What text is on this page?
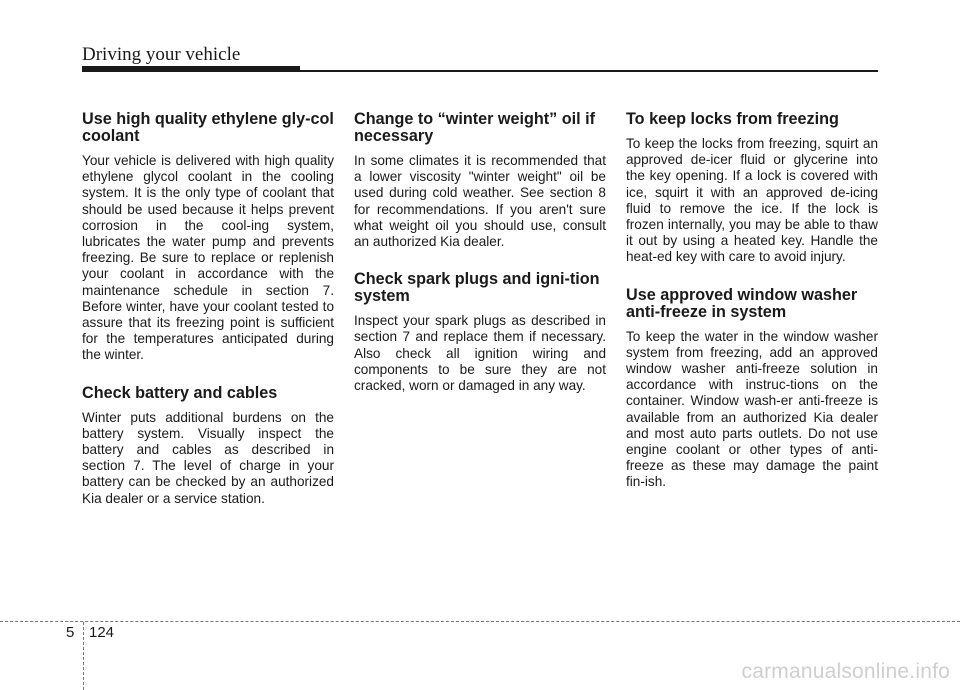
Driving your vehicle
Use high quality ethylene gly-col coolant

Your vehicle is delivered with high quality ethylene glycol coolant in the cooling system. It is the only type of coolant that should be used because it helps prevent corrosion in the cool-ing system, lubricates the water pump and prevents freezing. Be sure to replace or replenish your coolant in accordance with the maintenance schedule in section 7. Before winter, have your coolant tested to assure that its freezing point is sufficient for the temperatures anticipated during the winter.

Check battery and cables

Winter puts additional burdens on the battery system. Visually inspect the battery and cables as described in section 7. The level of charge in your battery can be checked by an authorized Kia dealer or a service station.

Change to “winter weight” oil if necessary

In some climates it is recommended that a lower viscosity "winter weight" oil be used during cold weather. See section 8 for recommendations. If you aren't sure what weight oil you should use, consult an authorized Kia dealer.

Check spark plugs and igni-tion system

Inspect your spark plugs as described in section 7 and replace them if necessary. Also check all ignition wiring and components to be sure they are not cracked, worn or damaged in any way.

To keep locks from freezing

To keep the locks from freezing, squirt an approved de-icer fluid or glycerine into the key opening. If a lock is covered with ice, squirt it with an approved de-icing fluid to remove the ice. If the lock is frozen internally, you may be able to thaw it out by using a heated key. Handle the heat-ed key with care to avoid injury.

Use approved window washer anti-freeze in system

To keep the water in the window washer system from freezing, add an approved window washer anti-freeze solution in accordance with instruc-tions on the container. Window wash-er anti-freeze is available from an authorized Kia dealer and most auto parts outlets. Do not use engine coolant or other types of anti-freeze as these may damage the paint fin-ish.

5 124
carmanualsonline.info
